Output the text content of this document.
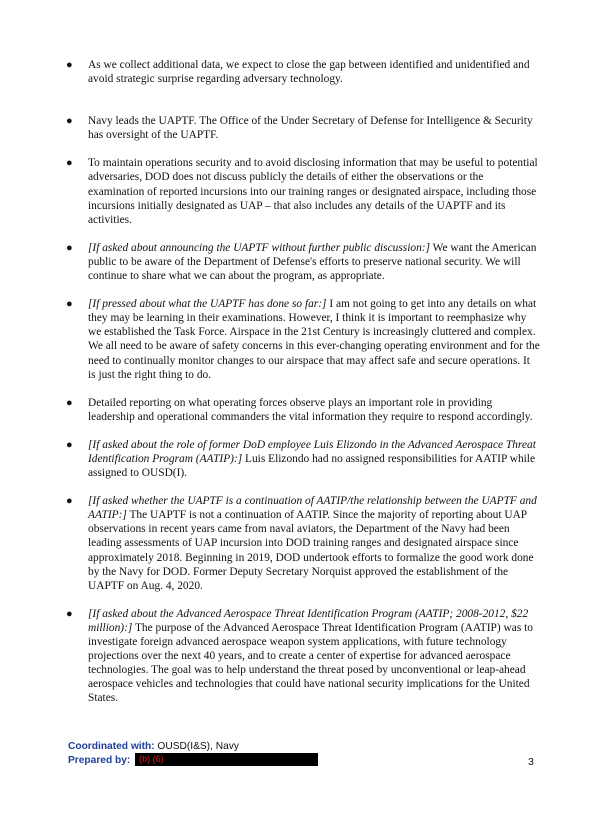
● As we collect additional data, we expect to close the gap between identified and unidentified and avoid strategic surprise regarding adversary technology.
● Navy leads the UAPTF. The Office of the Under Secretary of Defense for Intelligence & Security has oversight of the UAPTF.
● To maintain operations security and to avoid disclosing information that may be useful to potential adversaries, DOD does not discuss publicly the details of either the observations or the examination of reported incursions into our training ranges or designated airspace, including those incursions initially designated as UAP – that also includes any details of the UAPTF and its activities.
● [If asked about announcing the UAPTF without further public discussion:] We want the American public to be aware of the Department of Defense's efforts to preserve national security. We will continue to share what we can about the program, as appropriate.
● [If pressed about what the UAPTF has done so far:] I am not going to get into any details on what they may be learning in their examinations. However, I think it is important to reemphasize why we established the Task Force. Airspace in the 21st Century is increasingly cluttered and complex. We all need to be aware of safety concerns in this ever-changing operating environment and for the need to continually monitor changes to our airspace that may affect safe and secure operations. It is just the right thing to do.
● Detailed reporting on what operating forces observe plays an important role in providing leadership and operational commanders the vital information they require to respond accordingly.
● [If asked about the role of former DoD employee Luis Elizondo in the Advanced Aerospace Threat Identification Program (AATIP):] Luis Elizondo had no assigned responsibilities for AATIP while assigned to OUSD(I).
● [If asked whether the UAPTF is a continuation of AATIP/the relationship between the UAPTF and AATIP:] The UAPTF is not a continuation of AATIP. Since the majority of reporting about UAP observations in recent years came from naval aviators, the Department of the Navy had been leading assessments of UAP incursion into DOD training ranges and designated airspace since approximately 2018. Beginning in 2019, DOD undertook efforts to formalize the good work done by the Navy for DOD. Former Deputy Secretary Norquist approved the establishment of the UAPTF on Aug. 4, 2020.
● [If asked about the Advanced Aerospace Threat Identification Program (AATIP; 2008-2012, $22 million):] The purpose of the Advanced Aerospace Threat Identification Program (AATIP) was to investigate foreign advanced aerospace weapon system applications, with future technology projections over the next 40 years, and to create a center of expertise for advanced aerospace technologies. The goal was to help understand the threat posed by unconventional or leap-ahead aerospace vehicles and technologies that could have national security implications for the United States.
Coordinated with: OUSD(I&S), Navy
Prepared by: (b) (6)	3
